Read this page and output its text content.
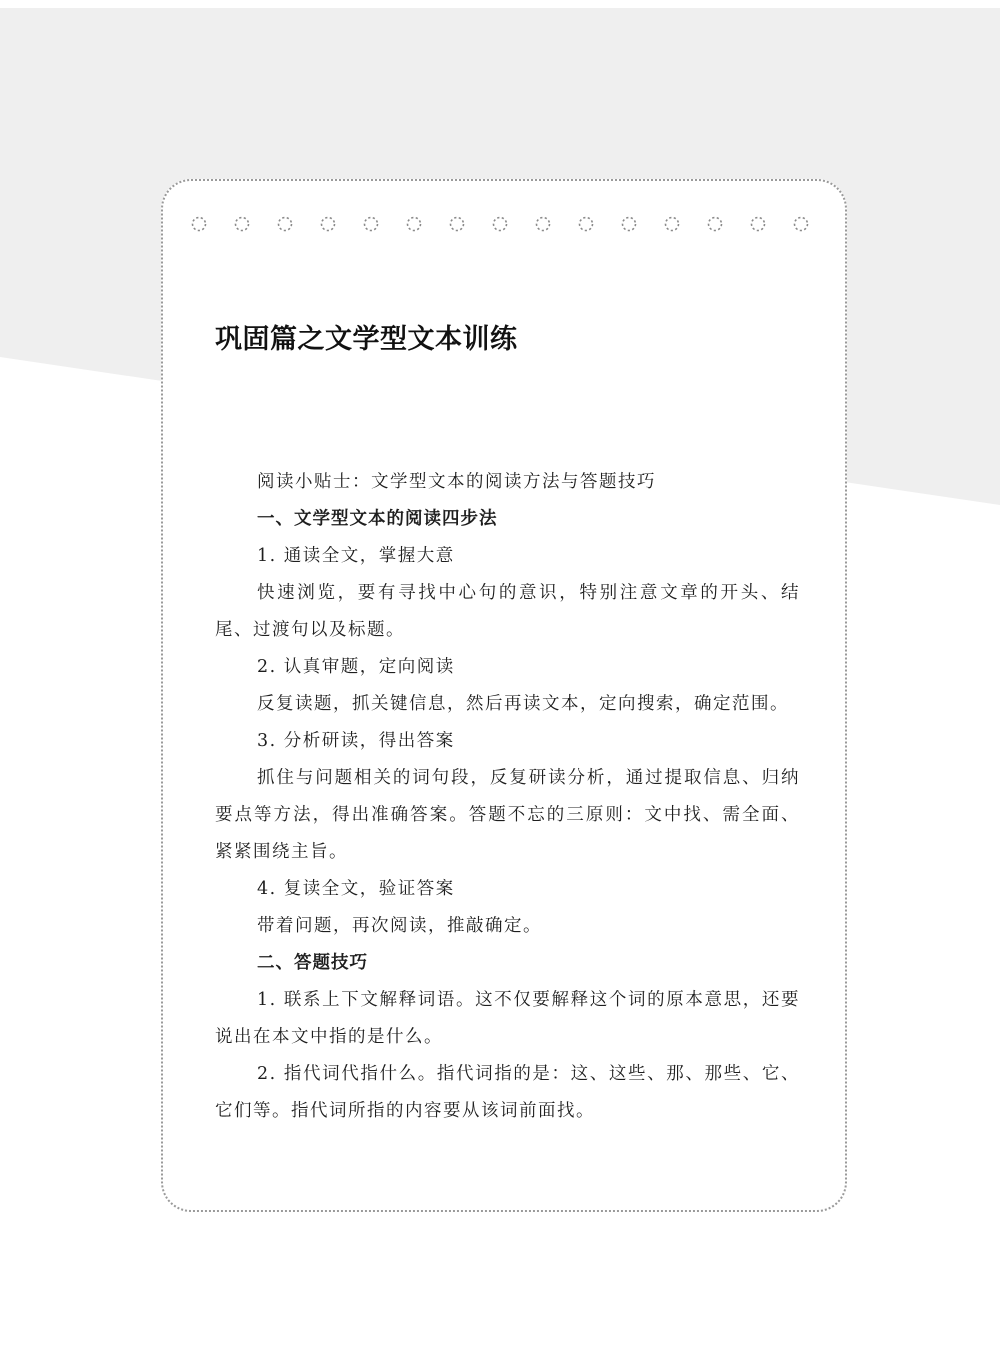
巩固篇之文学型文本训练

阅读小贴士：文学型文本的阅读方法与答题技巧

一、文学型文本的阅读四步法

1. 通读全文，掌握大意

快速浏览，要有寻找中心句的意识，特别注意文章的开头、结尾、过渡句以及标题。

2. 认真审题，定向阅读

反复读题，抓关键信息，然后再读文本，定向搜索，确定范围。

3. 分析研读，得出答案

抓住与问题相关的词句段，反复研读分析，通过提取信息、归纳要点等方法，得出准确答案。答题不忘的三原则：文中找、需全面、紧紧围绕主旨。

4. 复读全文，验证答案

带着问题，再次阅读，推敲确定。

二、答题技巧

1. 联系上下文解释词语。这不仅要解释这个词的原本意思，还要说出在本文中指的是什么。

2. 指代词代指什么。指代词指的是：这、这些、那、那些、它、它们等。指代词所指的内容要从该词前面找。
